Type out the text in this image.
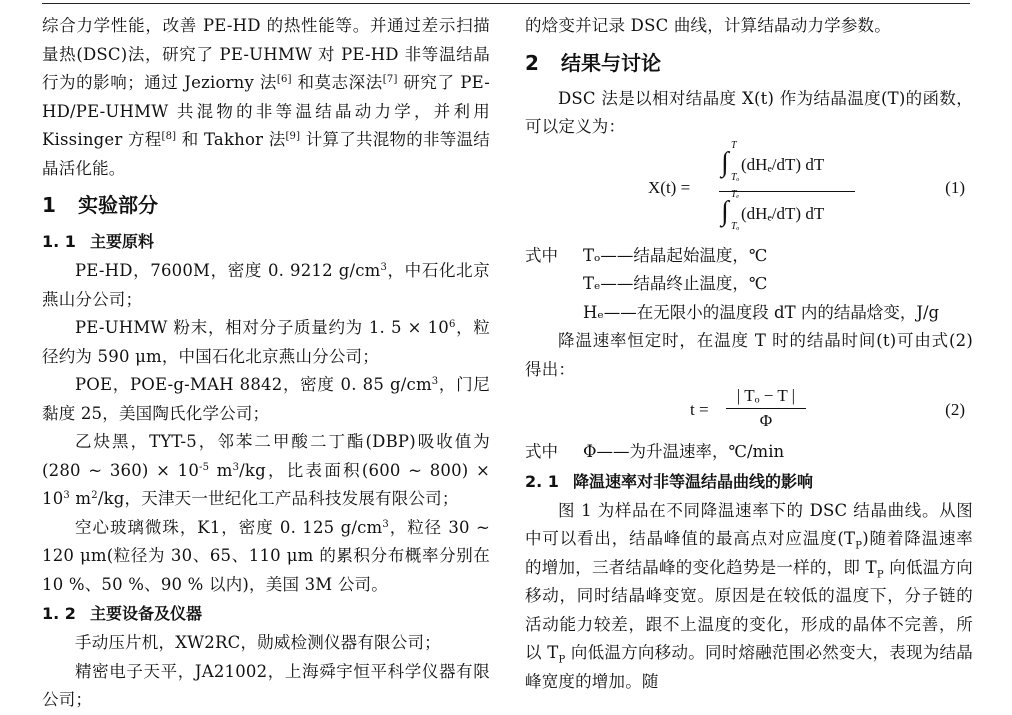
综合力学性能，改善 PE-HD 的热性能等。并通过差示扫描量热(DSC)法，研究了 PE-UHMW 对 PE-HD 非等温结晶行为的影响；通过 Jeziorny 法[6] 和莫志深法[7] 研究了 PE-HD/PE-UHMW 共混物的非等温结晶动力学，并利用 Kissinger 方程[8] 和 Takhor 法[9] 计算了共混物的非等温结晶活化能。

1 实验部分
1. 1 主要原料

PE-HD，7600M，密度 0. 9212 $g/cm^3$，中石化北京燕山分公司；

PE-UHMW 粉末，相对分子质量约为 1. $5 \times 10^6$，粒径约为 590 μm，中国石化北京燕山分公司；

POE，POE-g-MAH 8842，密度 0. 85 $g/cm^3$，门尼黏度 25，美国陶氏化学公司；

乙炔黑，TYT-5，邻苯二甲酸二丁酯(DBP)吸收值为(280 ~ $360) \times 10^{-5}$ $m^3/kg$，比表面积(600 ~ $800) \times 10^3$ $m^2/kg$，天津天一世纪化工产品科技发展有限公司；

空心玻璃微珠，K1，密度 0. 125 $g/cm^3$，粒径 30 ~ 120 μm(粒径为 30、65、110 μm 的累积分布概率分别在 10 %、50 %、90 % 以内)，美国 3M 公司。

1. 2 主要设备及仪器

手动压片机，XW2RC，勋威检测仪器有限公司；

精密电子天平，JA21002，上海舜宇恒平科学仪器有限公司；

的焓变并记录 DSC 曲线，计算结晶动力学参数。

2 结果与讨论

DSC 法是以相对结晶度 X(t) 作为结晶温度(T)的函数，可以定义为：

X(t) =
∫
T
Tₒ
(dHₑ/dT) dT
∫
Tₑ
Tₒ
(dHₑ/dT) dT
(1)
式中 Tₒ——结晶起始温度，℃
Tₑ——结晶终止温度，℃
Hₑ——在无限小的温度段 dT 内的结晶焓变，J/g

降温速率恒定时，在温度 T 时的结晶时间(t)可由式(2)得出：

t =
| Tₒ − T |
Φ
(2)
式中 Φ——为升温速率，℃/min
2. 1 降温速率对非等温结晶曲线的影响

图 1 为样品在不同降温速率下的 DSC 结晶曲线。从图中可以看出，结晶峰值的最高点对应温度$(T_P)$随着降温速率的增加，三者结晶峰的变化趋势是一样的，即 $T_P$ 向低温方向移动，同时结晶峰变宽。原因是在较低的温度下，分子链的活动能力较差，跟不上温度的变化，形成的晶体不完善，所以 $T_P$ 向低温方向移动。同时熔融范围必然变大，表现为结晶峰宽度的增加。随
